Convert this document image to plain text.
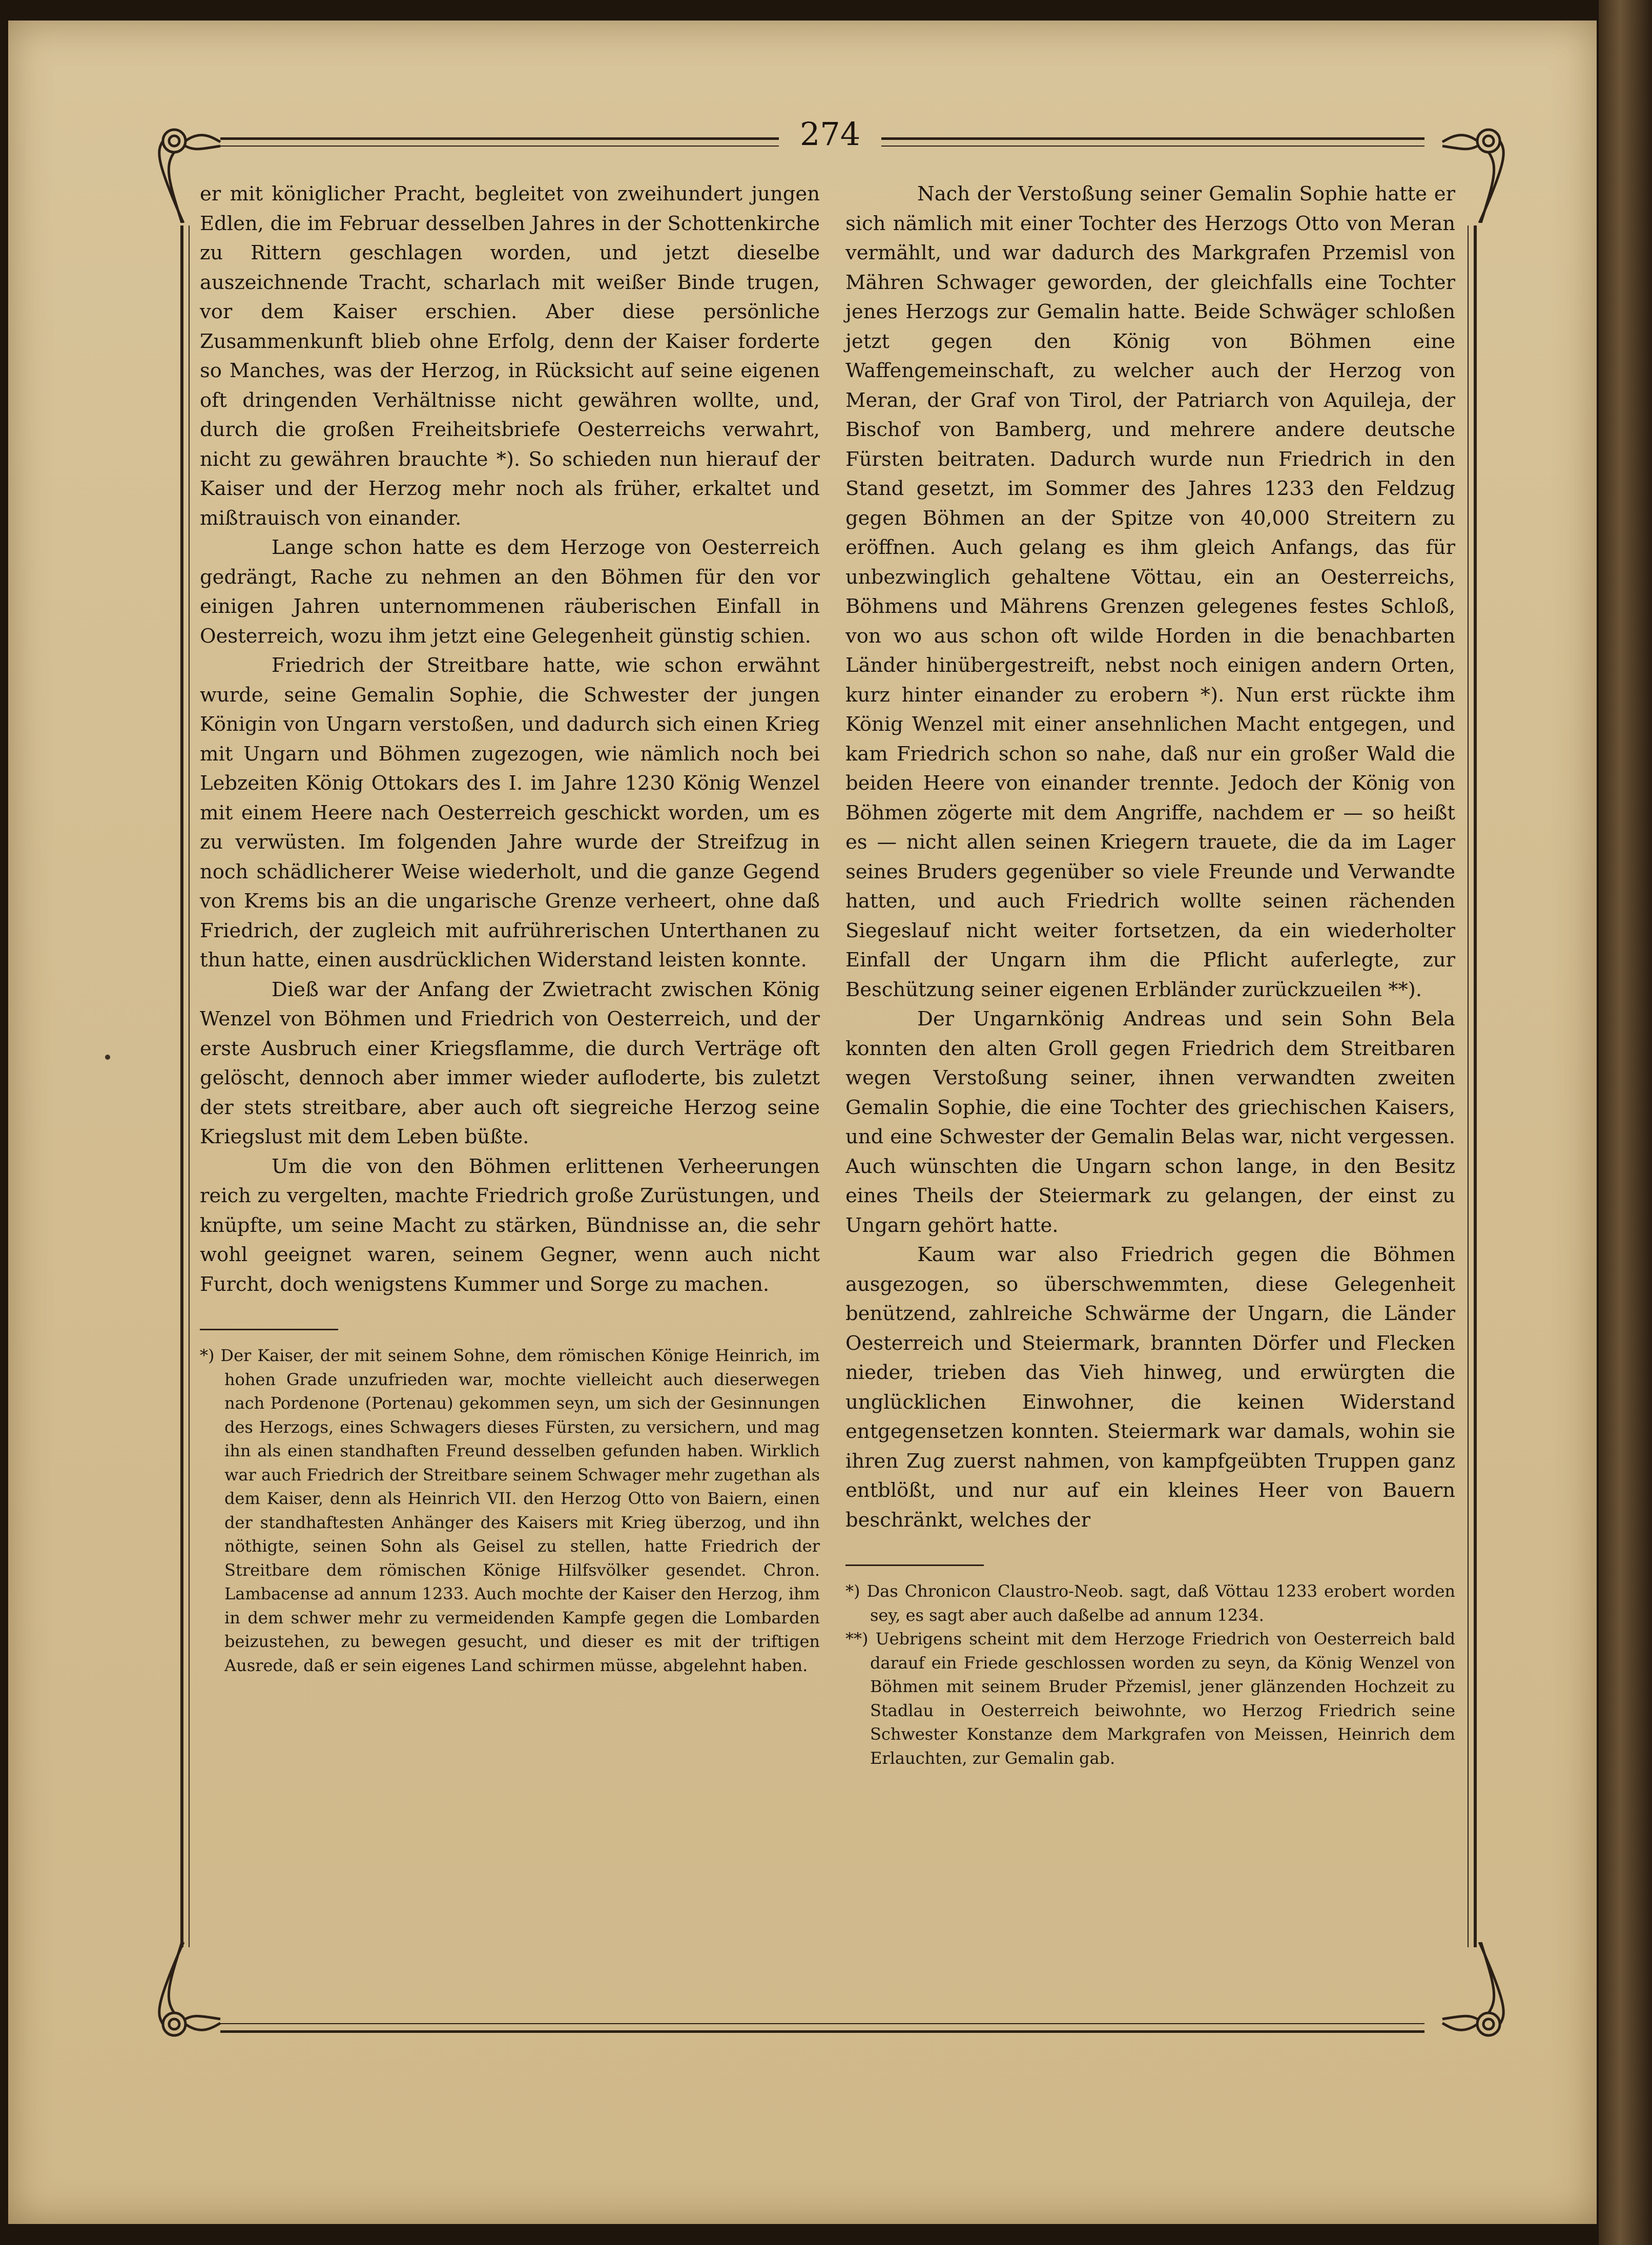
274

er mit königlicher Pracht, begleitet von zweihundert jungen Edlen, die im Februar desselben Jahres in der Schottenkirche zu Rittern geschlagen worden, und jetzt dieselbe auszeichnende Tracht, scharlach mit weißer Binde trugen, vor dem Kaiser erschien. Aber diese persönliche Zusammenkunft blieb ohne Erfolg, denn der Kaiser forderte so Manches, was der Herzog, in Rücksicht auf seine eigenen oft dringenden Verhältnisse nicht gewähren wollte, und, durch die großen Freiheitsbriefe Oesterreichs verwahrt, nicht zu gewähren brauchte *). So schieden nun hierauf der Kaiser und der Herzog mehr noch als früher, erkaltet und mißtrauisch von einander.

Lange schon hatte es dem Herzoge von Oesterreich gedrängt, Rache zu nehmen an den Böhmen für den vor einigen Jahren unternommenen räuberischen Einfall in Oesterreich, wozu ihm jetzt eine Gelegenheit günstig schien.

Friedrich der Streitbare hatte, wie schon erwähnt wurde, seine Gemalin Sophie, die Schwester der jungen Königin von Ungarn verstoßen, und dadurch sich einen Krieg mit Ungarn und Böhmen zugezogen, wie nämlich noch bei Lebzeiten König Ottokars des I. im Jahre 1230 König Wenzel mit einem Heere nach Oesterreich geschickt worden, um es zu verwüsten. Im folgenden Jahre wurde der Streifzug in noch schädlicherer Weise wiederholt, und die ganze Gegend von Krems bis an die ungarische Grenze verheert, ohne daß Friedrich, der zugleich mit aufrührerischen Unterthanen zu thun hatte, einen ausdrücklichen Widerstand leisten konnte.

Dieß war der Anfang der Zwietracht zwischen König Wenzel von Böhmen und Friedrich von Oesterreich, und der erste Ausbruch einer Kriegsflamme, die durch Verträge oft gelöscht, dennoch aber immer wieder aufloderte, bis zuletzt der stets streitbare, aber auch oft siegreiche Herzog seine Kriegslust mit dem Leben büßte.

Um die von den Böhmen erlittenen Verheerungen reich zu vergelten, machte Friedrich große Zurüstungen, und knüpfte, um seine Macht zu stärken, Bündnisse an, die sehr wohl geeignet waren, seinem Gegner, wenn auch nicht Furcht, doch wenigstens Kummer und Sorge zu machen.

*) Der Kaiser, der mit seinem Sohne, dem römischen Könige Heinrich, im hohen Grade unzufrieden war, mochte vielleicht auch dieserwegen nach Pordenone (Portenau) gekommen seyn, um sich der Gesinnungen des Herzogs, eines Schwagers dieses Fürsten, zu versichern, und mag ihn als einen standhaften Freund desselben gefunden haben. Wirklich war auch Friedrich der Streitbare seinem Schwager mehr zugethan als dem Kaiser, denn als Heinrich VII. den Herzog Otto von Baiern, einen der standhaftesten Anhänger des Kaisers mit Krieg überzog, und ihn nöthigte, seinen Sohn als Geisel zu stellen, hatte Friedrich der Streitbare dem römischen Könige Hilfsvölker gesendet. Chron. Lambacense ad annum 1233. Auch mochte der Kaiser den Herzog, ihm in dem schwer mehr zu vermeidenden Kampfe gegen die Lombarden beizustehen, zu bewegen gesucht, und dieser es mit der triftigen Ausrede, daß er sein eigenes Land schirmen müsse, abgelehnt haben.

Nach der Verstoßung seiner Gemalin Sophie hatte er sich nämlich mit einer Tochter des Herzogs Otto von Meran vermählt, und war dadurch des Markgrafen Przemisl von Mähren Schwager geworden, der gleichfalls eine Tochter jenes Herzogs zur Gemalin hatte. Beide Schwäger schloßen jetzt gegen den König von Böhmen eine Waffengemeinschaft, zu welcher auch der Herzog von Meran, der Graf von Tirol, der Patriarch von Aquileja, der Bischof von Bamberg, und mehrere andere deutsche Fürsten beitraten. Dadurch wurde nun Friedrich in den Stand gesetzt, im Sommer des Jahres 1233 den Feldzug gegen Böhmen an der Spitze von 40,000 Streitern zu eröffnen. Auch gelang es ihm gleich Anfangs, das für unbezwinglich gehaltene Vöttau, ein an Oesterreichs, Böhmens und Mährens Grenzen gelegenes festes Schloß, von wo aus schon oft wilde Horden in die benachbarten Länder hinübergestreift, nebst noch einigen andern Orten, kurz hinter einander zu erobern *). Nun erst rückte ihm König Wenzel mit einer ansehnlichen Macht entgegen, und kam Friedrich schon so nahe, daß nur ein großer Wald die beiden Heere von einander trennte. Jedoch der König von Böhmen zögerte mit dem Angriffe, nachdem er — so heißt es — nicht allen seinen Kriegern trauete, die da im Lager seines Bruders gegenüber so viele Freunde und Verwandte hatten, und auch Friedrich wollte seinen rächenden Siegeslauf nicht weiter fortsetzen, da ein wiederholter Einfall der Ungarn ihm die Pflicht auferlegte, zur Beschützung seiner eigenen Erbländer zurückzueilen **).

Der Ungarnkönig Andreas und sein Sohn Bela konnten den alten Groll gegen Friedrich dem Streitbaren wegen Verstoßung seiner, ihnen verwandten zweiten Gemalin Sophie, die eine Tochter des griechischen Kaisers, und eine Schwester der Gemalin Belas war, nicht vergessen. Auch wünschten die Ungarn schon lange, in den Besitz eines Theils der Steiermark zu gelangen, der einst zu Ungarn gehört hatte.

Kaum war also Friedrich gegen die Böhmen ausgezogen, so überschwemmten, diese Gelegenheit benützend, zahlreiche Schwärme der Ungarn, die Länder Oesterreich und Steiermark, brannten Dörfer und Flecken nieder, trieben das Vieh hinweg, und erwürgten die unglücklichen Einwohner, die keinen Widerstand entgegensetzen konnten. Steiermark war damals, wohin sie ihren Zug zuerst nahmen, von kampfgeübten Truppen ganz entblößt, und nur auf ein kleines Heer von Bauern beschränkt, welches der

*) Das Chronicon Claustro-Neob. sagt, daß Vöttau 1233 erobert worden sey, es sagt aber auch daßelbe ad annum 1234.

**) Uebrigens scheint mit dem Herzoge Friedrich von Oesterreich bald darauf ein Friede geschlossen worden zu seyn, da König Wenzel von Böhmen mit seinem Bruder Přzemisl, jener glänzenden Hochzeit zu Stadlau in Oesterreich beiwohnte, wo Herzog Friedrich seine Schwester Konstanze dem Markgrafen von Meissen, Heinrich dem Erlauchten, zur Gemalin gab.
